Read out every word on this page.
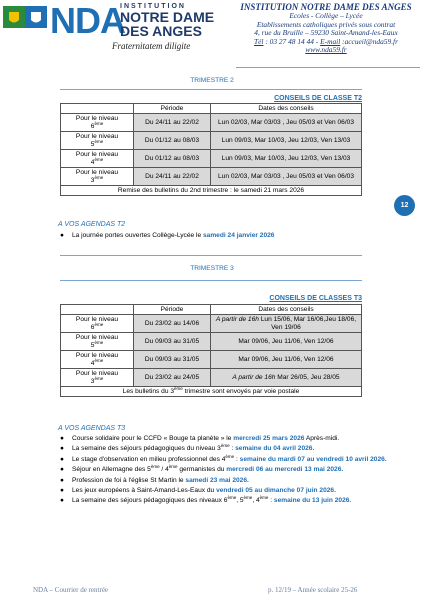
NDA
INSTITUTION
NOTRE DAME
DES ANGES
Fraternitatem diligite
INSTITUTION NOTRE DAME DES ANGES
Ecoles - Collège – Lycée
Etablissements catholiques privés sous contrat
4, rue du Bruille – 59230 Saint-Amand-les-Eaux
Tél : 03 27 48 14 44 - E-mail :accueil@nda59.fr
www.nda59.fr
TRIMESTRE 2
CONSEILS DE CLASSE T2
	Période	Dates des conseils
Pour le niveau
6ème	Du 24/11 au 22/02	Lun 02/03, Mar 03/03 , Jeu 05/03 et Ven 06/03
Pour le niveau
5ème	Du 01/12 au 08/03	Lun 09/03, Mar 10/03, Jeu 12/03, Ven 13/03
Pour le niveau
4ème	Du 01/12 au 08/03	Lun 09/03, Mar 10/03, Jeu 12/03, Ven 13/03
Pour le niveau
3ème	Du 24/11 au 22/02	Lun 02/03, Mar 03/03 , Jeu 05/03 et Ven 06/03
Remise des bulletins du 2nd trimestre : le samedi 21 mars 2026		
12
A VOS AGENDAS T2
● La journée portes ouvertes Collège-Lycée le samedi 24 janvier 2026
TRIMESTRE 3
CONSEILS DE CLASSES T3
	Période	Dates des conseils
Pour le niveau
6ème	Du 23/02 au 14/06	A partir de 16h Lun 15/06, Mar 16/06,Jeu 18/06, Ven 19/06
Pour le niveau
5ème	Du 09/03 au 31/05	Mar 09/06, Jeu 11/06, Ven 12/06
Pour le niveau
4ème	Du 09/03 au 31/05	Mar 09/06, Jeu 11/06, Ven 12/06
Pour le niveau
3ème	Du 23/02 au 24/05	A partir de 16h Mar 26/05, Jeu 28/05
Les bulletins du 3ème trimestre sont envoyés par voie postale		
A VOS AGENDAS T3
● Course solidaire pour le CCFD « Bouge ta planète » le mercredi 25 mars 2026 Après-midi.
● La semaine des séjours pédagogiques du niveau 3ème : semaine du 04 avril 2026.
● Le stage d'observation en milieu professionnel des 4ème : semaine du mardi 07 au vendredi 10 avril 2026.
● Séjour en Allemagne des 5ème / 4ème germanistes du mercredi 06 au mercredi 13 mai 2026.
● Profession de foi à l'église St Martin le samedi 23 mai 2026.
● Les jeux européens à Saint-Amand-Les-Eaux du vendredi 05 au dimanche 07 juin 2026.
● La semaine des séjours pédagogiques des niveaux 6ème, 5ème, 4ème : semaine du 13 juin 2026.
NDA – Courrier de rentrée	p. 12/19 – Année scolaire 25-26
